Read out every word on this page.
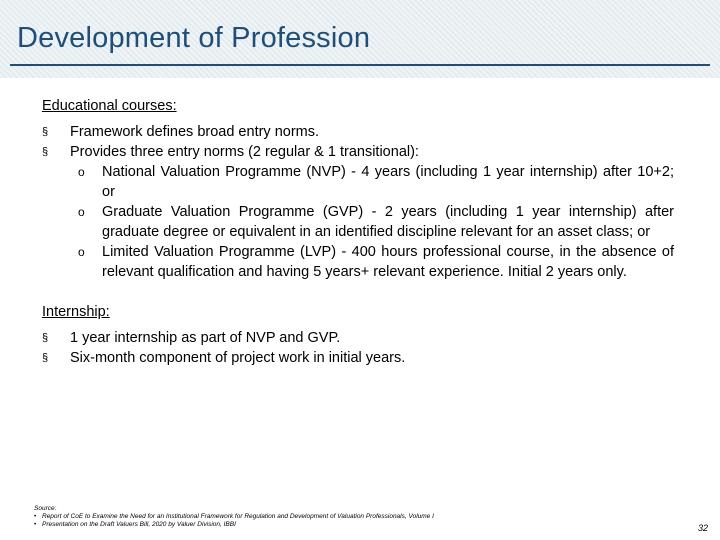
Development of Profession
Educational courses:
§ Framework defines broad entry norms.
§ Provides three entry norms (2 regular & 1 transitional):
o National Valuation Programme (NVP) - 4 years (including 1 year internship) after 10+2; or
o Graduate Valuation Programme (GVP) - 2 years (including 1 year internship) after graduate degree or equivalent in an identified discipline relevant for an asset class; or
o Limited Valuation Programme (LVP) - 400 hours professional course, in the absence of relevant qualification and having 5 years+ relevant experience. Initial 2 years only.
Internship:
§ 1 year internship as part of NVP and GVP.
§ Six-month component of project work in initial years.
Source:
• Report of CoE to Examine the Need for an Institutional Framework for Regulation and Development of Valuation Professionals, Volume I
• Presentation on the Draft Valuers Bill, 2020 by Valuer Division, IBBI	32
